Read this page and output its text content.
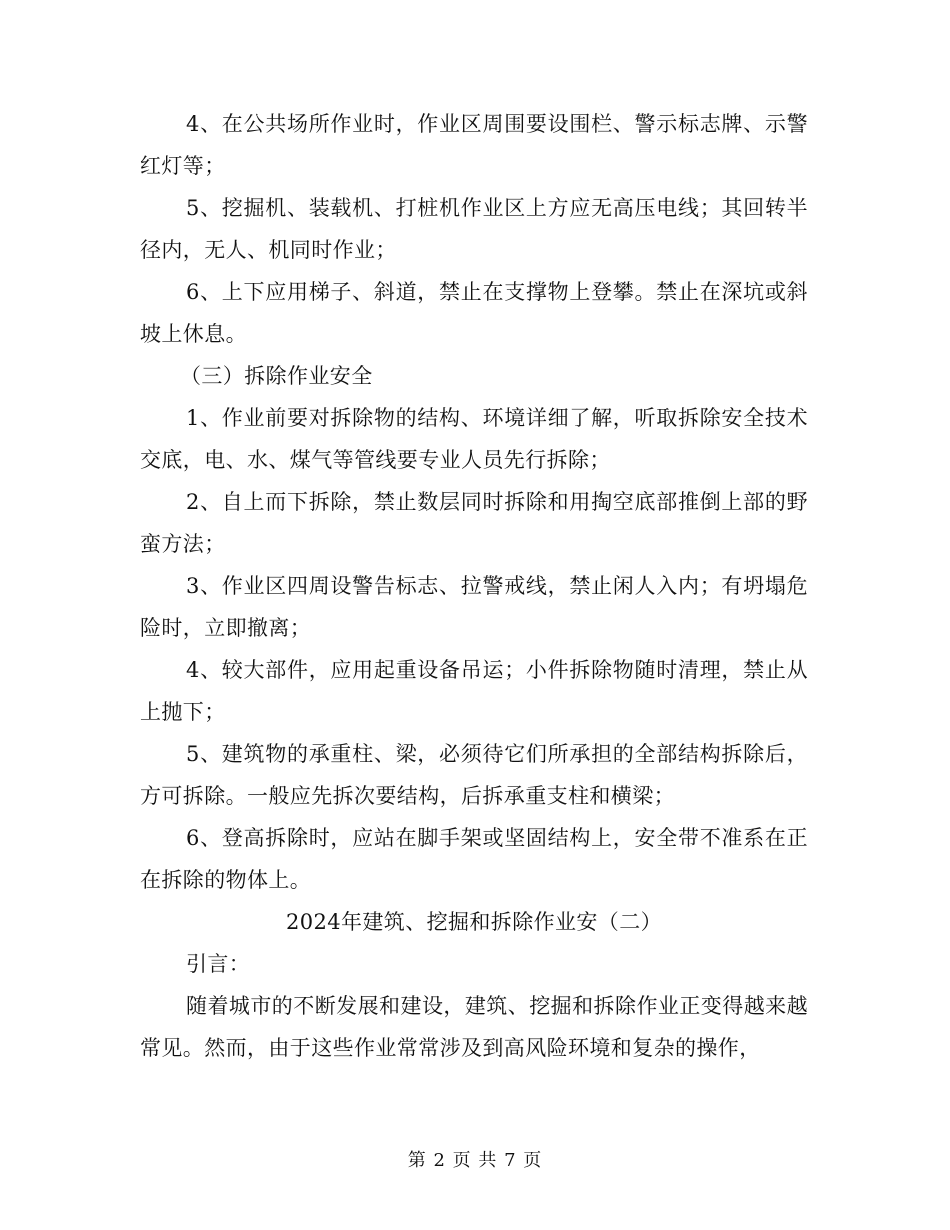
4、在公共场所作业时，作业区周围要设围栏、警示标志牌、示警红灯等；

5、挖掘机、装载机、打桩机作业区上方应无高压电线；其回转半径内，无人、机同时作业；

6、上下应用梯子、斜道，禁止在支撑物上登攀。禁止在深坑或斜坡上休息。

（三）拆除作业安全

1、作业前要对拆除物的结构、环境详细了解，听取拆除安全技术交底，电、水、煤气等管线要专业人员先行拆除；

2、自上而下拆除，禁止数层同时拆除和用掏空底部推倒上部的野蛮方法；

3、作业区四周设警告标志、拉警戒线，禁止闲人入内；有坍塌危险时，立即撤离；

4、较大部件，应用起重设备吊运；小件拆除物随时清理，禁止从上抛下；

5、建筑物的承重柱、梁，必须待它们所承担的全部结构拆除后，方可拆除。一般应先拆次要结构，后拆承重支柱和横梁；

6、登高拆除时，应站在脚手架或坚固结构上，安全带不准系在正在拆除的物体上。

2024年建筑、挖掘和拆除作业安（二）

引言：

随着城市的不断发展和建设，建筑、挖掘和拆除作业正变得越来越常见。然而，由于这些作业常常涉及到高风险环境和复杂的操作，

第 2 页 共 7 页
